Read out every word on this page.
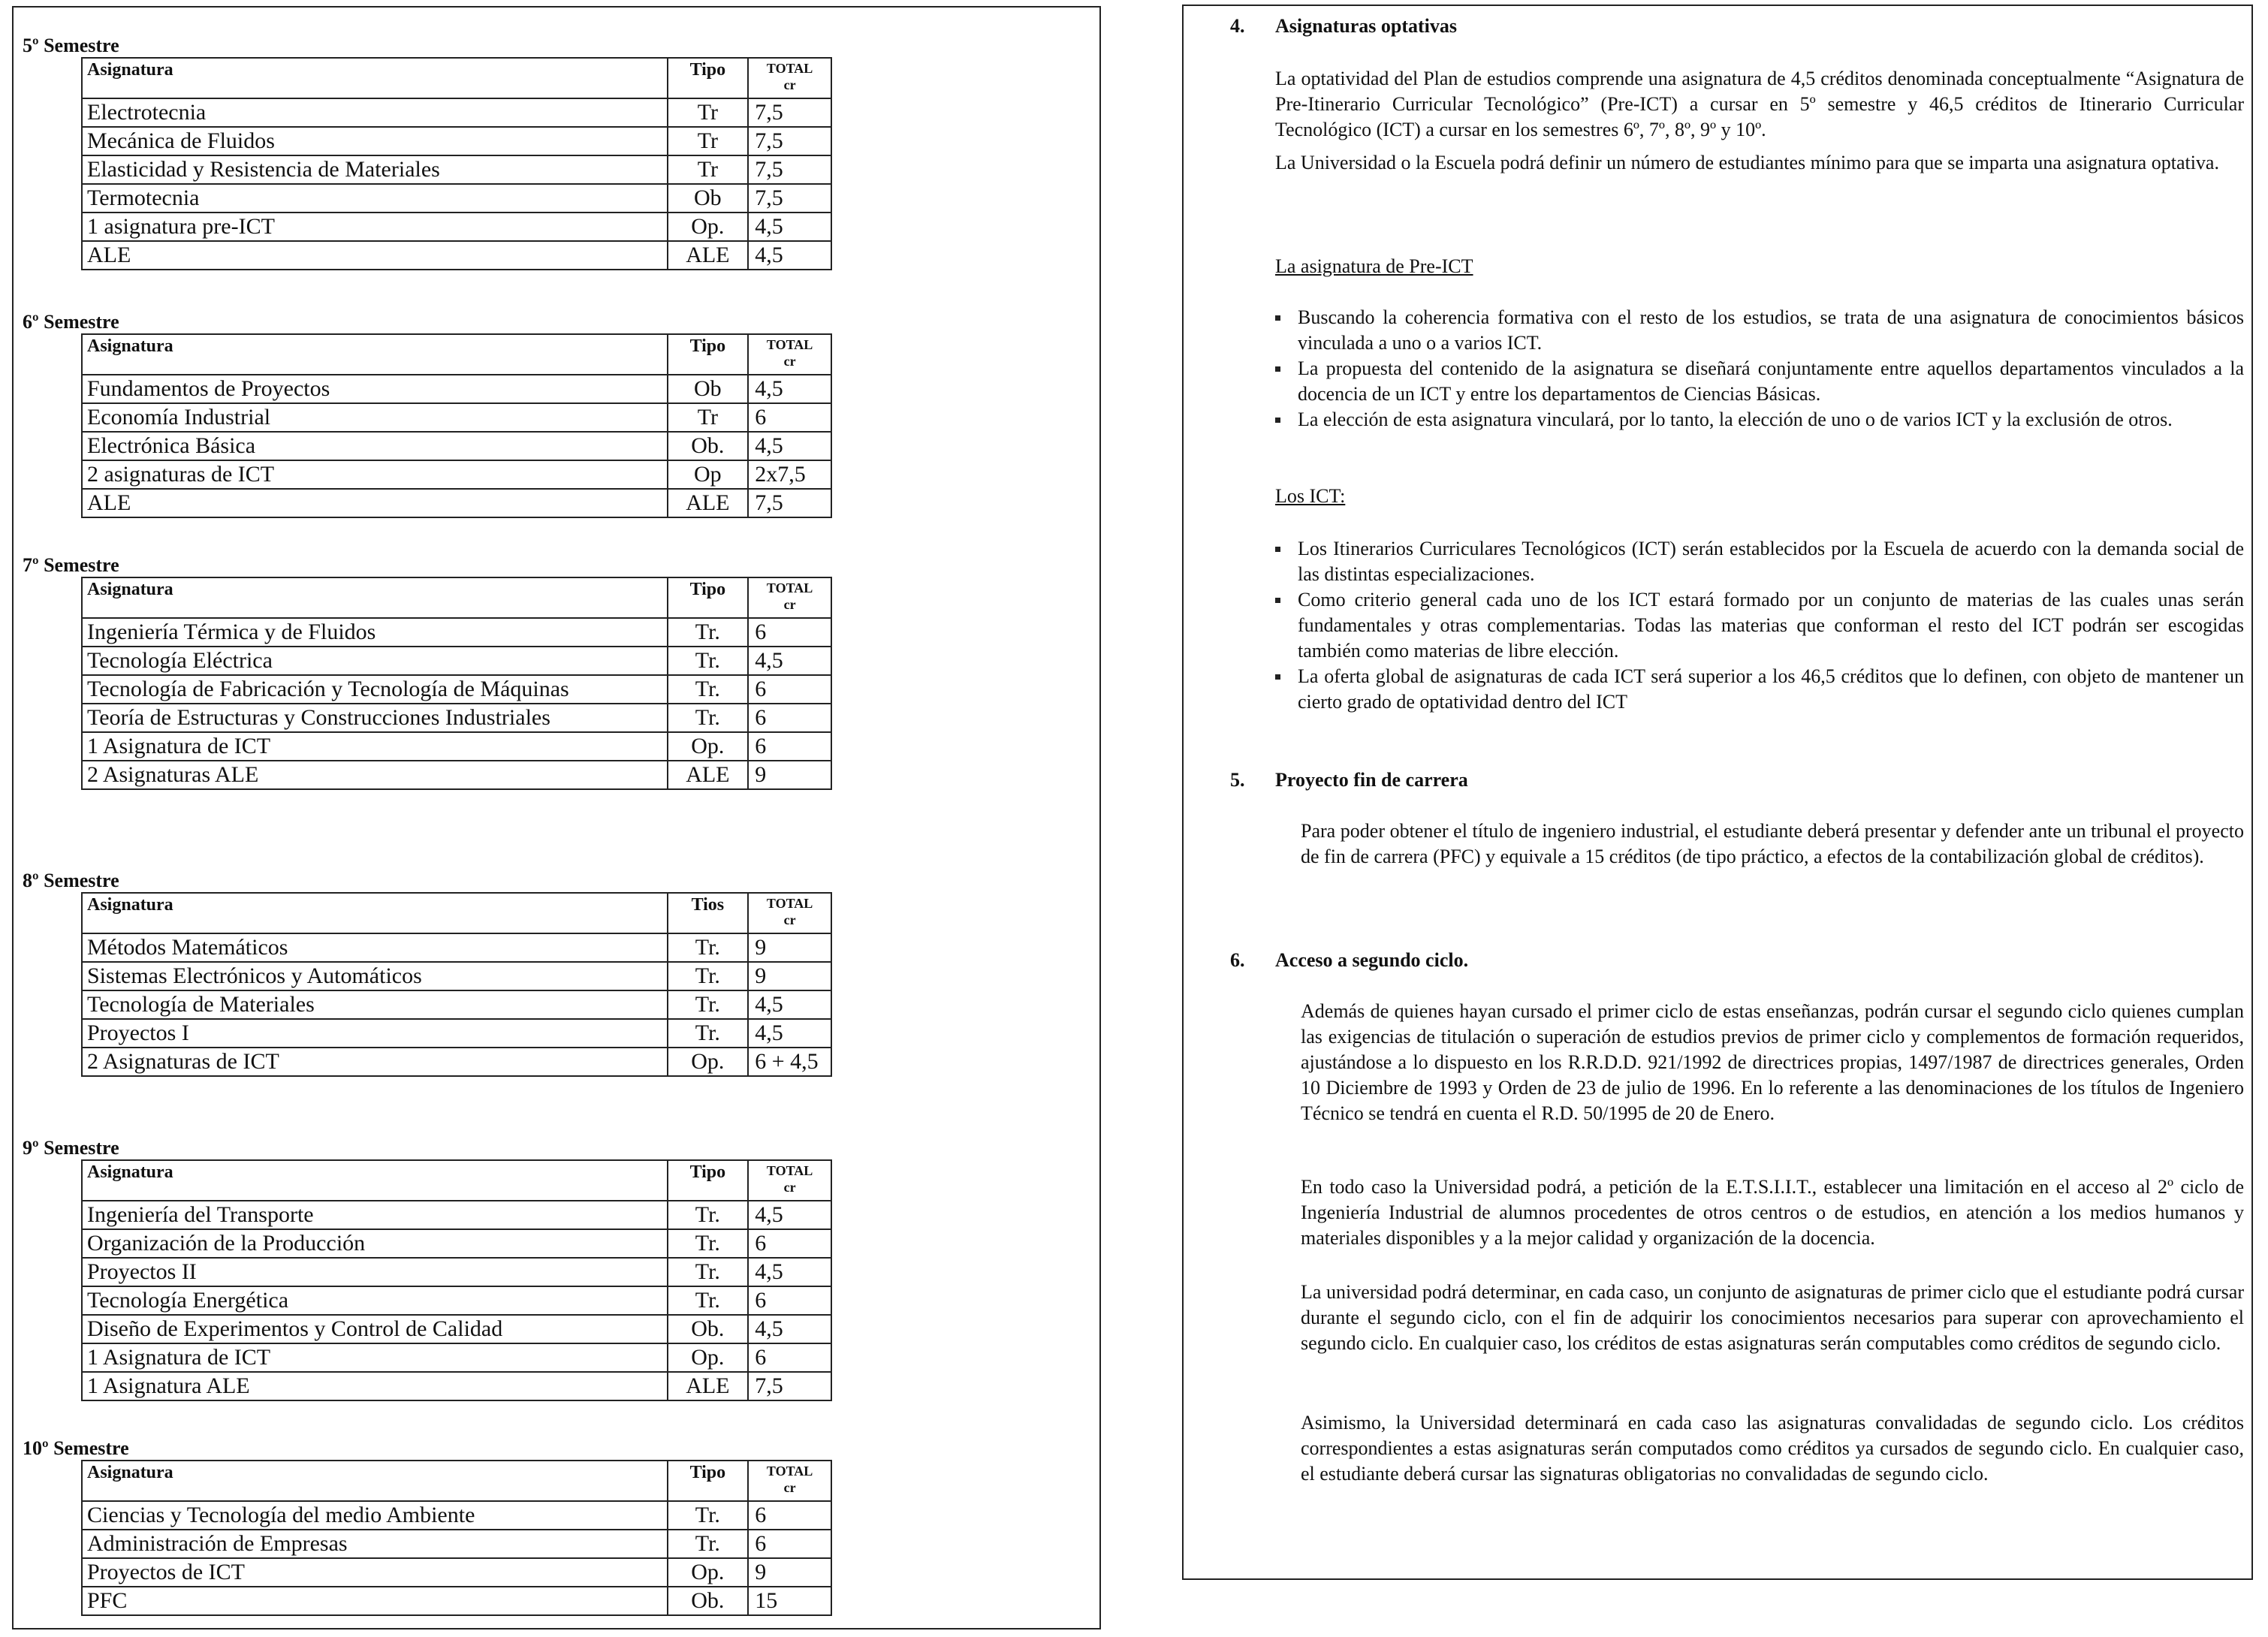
5º Semestre
Asignatura	Tipo	TOTAL
cr
Electrotecnia	Tr	7,5
Mecánica de Fluidos	Tr	7,5
Elasticidad y Resistencia de Materiales	Tr	7,5
Termotecnia	Ob	7,5
1 asignatura pre-ICT	Op.	4,5
ALE	ALE	4,5
6º Semestre
Asignatura	Tipo	TOTAL
cr
Fundamentos de Proyectos	Ob	4,5
Economía Industrial	Tr	6
Electrónica Básica	Ob.	4,5
2 asignaturas de ICT	Op	2x7,5
ALE	ALE	7,5
7º Semestre
Asignatura	Tipo	TOTAL
cr
Ingeniería Térmica y de Fluidos	Tr.	6
Tecnología Eléctrica	Tr.	4,5
Tecnología de Fabricación y Tecnología de Máquinas	Tr.	6
Teoría de Estructuras y Construcciones Industriales	Tr.	6
1 Asignatura de ICT	Op.	6
2 Asignaturas ALE	ALE	9
8º Semestre
Asignatura	Tios	TOTAL
cr
Métodos Matemáticos	Tr.	9
Sistemas Electrónicos y Automáticos	Tr.	9
Tecnología de Materiales	Tr.	4,5
Proyectos I	Tr.	4,5
2 Asignaturas de ICT	Op.	6 + 4,5
9º Semestre
Asignatura	Tipo	TOTAL
cr
Ingeniería del Transporte	Tr.	4,5
Organización de la Producción	Tr.	6
Proyectos II	Tr.	4,5
Tecnología Energética	Tr.	6
Diseño de Experimentos y Control de Calidad	Ob.	4,5
1 Asignatura de ICT	Op.	6
1 Asignatura ALE	ALE	7,5
10º Semestre
Asignatura	Tipo	TOTAL
cr
Ciencias y Tecnología del medio Ambiente	Tr.	6
Administración de Empresas	Tr.	6
Proyectos de ICT	Op.	9
PFC	Ob.	15
4. Asignaturas optativas

La optatividad del Plan de estudios comprende una asignatura de 4,5 créditos denominada conceptualmente “Asignatura de Pre-Itinerario Curricular Tecnológico” (Pre-ICT) a cursar en 5º semestre y 46,5 créditos de Itinerario Curricular Tecnológico (ICT) a cursar en los semestres 6º, 7º, 8º, 9º y 10º.

La Universidad o la Escuela podrá definir un número de estudiantes mínimo para que se imparta una asignatura optativa.

La asignatura de Pre-ICT
Buscando la coherencia formativa con el resto de los estudios, se trata de una asignatura de conocimientos básicos vinculada a uno o a varios ICT.
La propuesta del contenido de la asignatura se diseñará conjuntamente entre aquellos departamentos vinculados a la docencia de un ICT y entre los departamentos de Ciencias Básicas.
La elección de esta asignatura vinculará, por lo tanto, la elección de uno o de varios ICT y la exclusión de otros.
Los ICT:
Los Itinerarios Curriculares Tecnológicos (ICT) serán establecidos por la Escuela de acuerdo con la demanda social de las distintas especializaciones.
Como criterio general cada uno de los ICT estará formado por un conjunto de materias de las cuales unas serán fundamentales y otras complementarias. Todas las materias que conforman el resto del ICT podrán ser escogidas también como materias de libre elección.
La oferta global de asignaturas de cada ICT será superior a los 46,5 créditos que lo definen, con objeto de mantener un cierto grado de optatividad dentro del ICT
5. Proyecto fin de carrera

Para poder obtener el título de ingeniero industrial, el estudiante deberá presentar y defender ante un tribunal el proyecto de fin de carrera (PFC) y equivale a 15 créditos (de tipo práctico, a efectos de la contabilización global de créditos).

6. Acceso a segundo ciclo.

Además de quienes hayan cursado el primer ciclo de estas enseñanzas, podrán cursar el segundo ciclo quienes cumplan las exigencias de titulación o superación de estudios previos de primer ciclo y complementos de formación requeridos, ajustándose a lo dispuesto en los R.R.D.D. 921/1992 de directrices propias, 1497/1987 de directrices generales, Orden 10 Diciembre de 1993 y Orden de 23 de julio de 1996. En lo referente a las denominaciones de los títulos de Ingeniero Técnico se tendrá en cuenta el R.D. 50/1995 de 20 de Enero.

En todo caso la Universidad podrá, a petición de la E.T.S.I.I.T., establecer una limitación en el acceso al 2º ciclo de Ingeniería Industrial de alumnos procedentes de otros centros o de estudios, en atención a los medios humanos y materiales disponibles y a la mejor calidad y organización de la docencia.

La universidad podrá determinar, en cada caso, un conjunto de asignaturas de primer ciclo que el estudiante podrá cursar durante el segundo ciclo, con el fin de adquirir los conocimientos necesarios para superar con aprovechamiento el segundo ciclo. En cualquier caso, los créditos de estas asignaturas serán computables como créditos de segundo ciclo.

Asimismo, la Universidad determinará en cada caso las asignaturas convalidadas de segundo ciclo. Los créditos correspondientes a estas asignaturas serán computados como créditos ya cursados de segundo ciclo. En cualquier caso, el estudiante deberá cursar las signaturas obligatorias no convalidadas de segundo ciclo.
